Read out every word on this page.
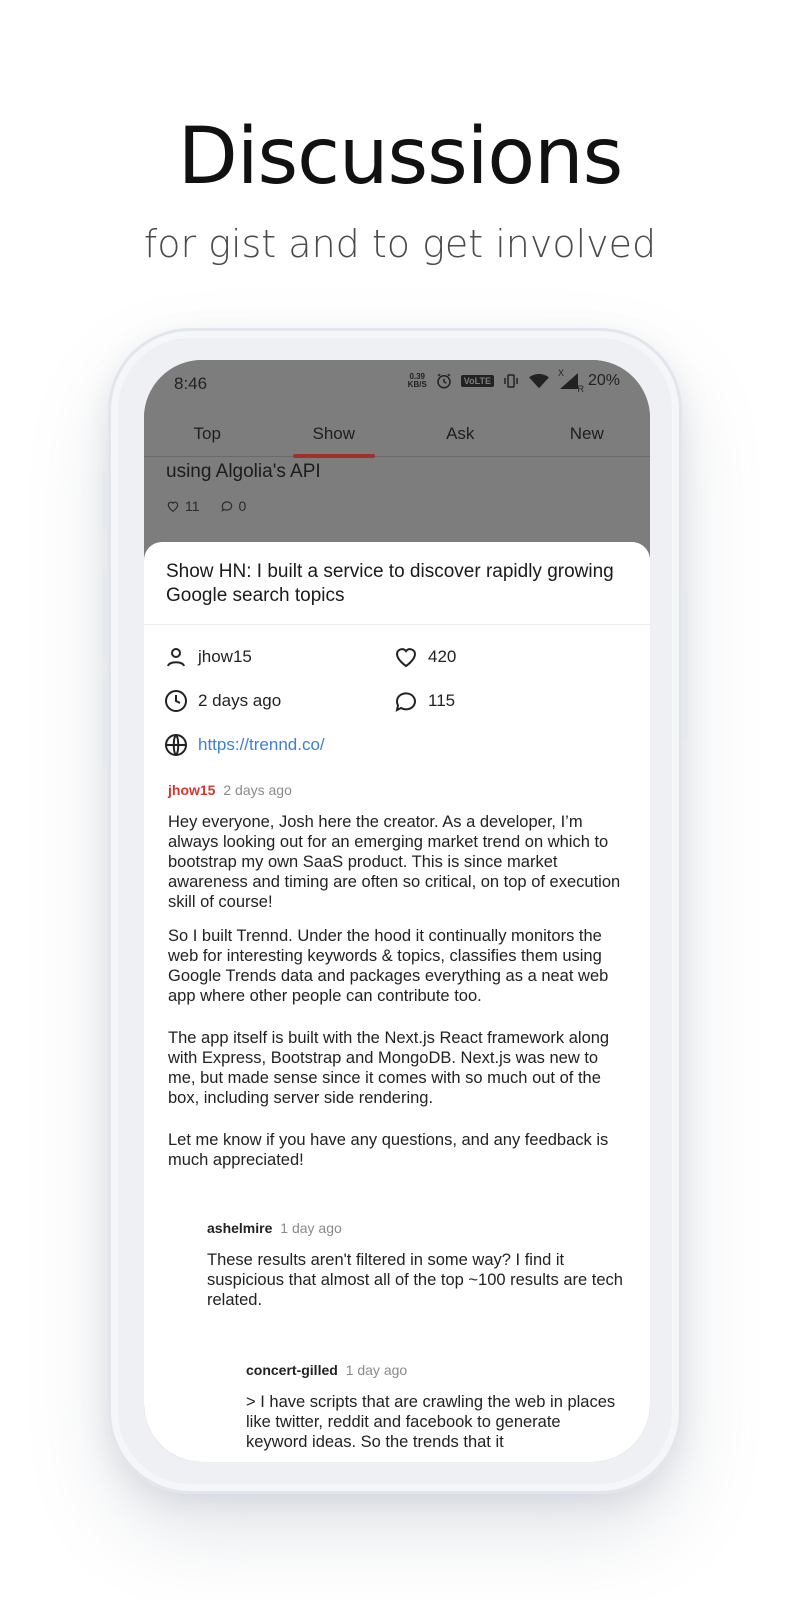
Discussions
for gist and to get involved
8:46	0.39
KB/S	VoLTE
X
R 20%
Top	Show	Ask	New
using Algolia's API
11	0
Show HN: I built a service to discover rapidly growing Google search topics
jhow15	420
2 days ago	115
https://trennd.co/
jhow15 2 days ago

Hey everyone, Josh here the creator. As a developer, I’m always looking out for an emerging market trend on which to bootstrap my own SaaS product. This is since market awareness and timing are often so critical, on top of execution skill of course!

So I built Trennd. Under the hood it continually monitors the web for interesting keywords & topics, classifies them using Google Trends data and packages everything as a neat web app where other people can contribute too.

The app itself is built with the Next.js React framework along with Express, Bootstrap and MongoDB. Next.js was new to me, but made sense since it comes with so much out of the box, including server side rendering.

Let me know if you have any questions, and any feedback is much appreciated!

ashelmire 1 day ago
These results aren't filtered in some way? I find it suspicious that almost all of the top ~100 results are tech related.
concert-gilled 1 day ago
> I have scripts that are crawling the web in places like twitter, reddit and facebook to generate keyword ideas. So the trends that it
